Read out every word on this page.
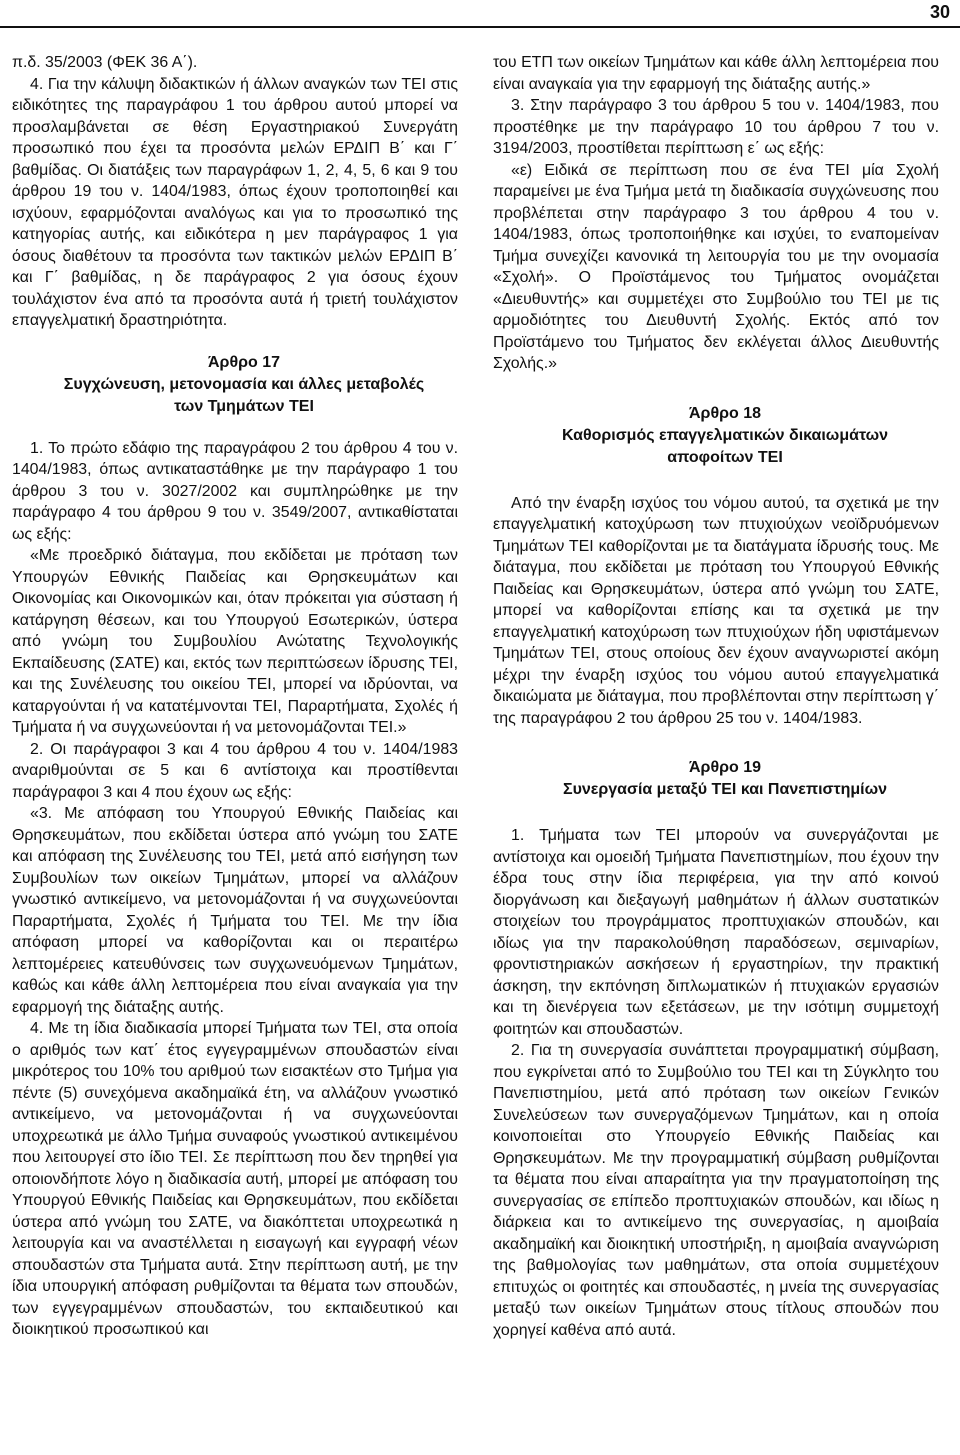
30

π.δ. 35/2003 (ΦΕΚ 36 Α΄).

4. Για την κάλυψη διδακτικών ή άλλων αναγκών των ΤΕΙ στις ειδικότητες της παραγράφου 1 του άρθρου αυτού μπορεί να προσλαμβάνεται σε θέση Εργαστηριακού Συνεργάτη προσωπικό που έχει τα προσόντα μελών ΕΡΔΙΠ Β΄ και Γ΄ βαθμίδας. Οι διατάξεις των παραγράφων 1, 2, 4, 5, 6 και 9 του άρθρου 19 του ν. 1404/1983, όπως έχουν τροποποιηθεί και ισχύουν, εφαρμόζονται αναλόγως και για το προσωπικό της κατηγορίας αυτής, και ειδικότερα η μεν παράγραφος 1 για όσους διαθέτουν τα προσόντα των τακτικών μελών ΕΡΔΙΠ Β΄ και Γ΄ βαθμίδας, η δε παράγραφος 2 για όσους έχουν τουλάχιστον ένα από τα προσόντα αυτά ή τριετή τουλάχιστον επαγγελματική δραστηριότητα.

Άρθρο 17

Συγχώνευση, μετονομασία και άλλες μεταβολές

των Τμημάτων ΤΕΙ

1. Το πρώτο εδάφιο της παραγράφου 2 του άρθρου 4 του ν. 1404/1983, όπως αντικαταστάθηκε με την παράγραφο 1 του άρθρου 3 του ν. 3027/2002 και συμπληρώθηκε με την παράγραφο 4 του άρθρου 9 του ν. 3549/2007, αντικαθίσταται ως εξής:

«Με προεδρικό διάταγμα, που εκδίδεται με πρόταση των Υπουργών Εθνικής Παιδείας και Θρησκευμάτων και Οικονομίας και Οικονομικών και, όταν πρόκειται για σύσταση ή κατάργηση θέσεων, και του Υπουργού Εσωτερικών, ύστερα από γνώμη του Συμβουλίου Ανώτατης Τεχνολογικής Εκπαίδευσης (ΣΑΤΕ) και, εκτός των περιπτώσεων ίδρυσης ΤΕΙ, και της Συνέλευσης του οικείου ΤΕΙ, μπορεί να ιδρύονται, να καταργούνται ή να κατατέμνονται ΤΕΙ, Παραρτήματα, Σχολές ή Τμήματα ή να συγχωνεύονται ή να μετονομάζονται ΤΕΙ.»

2. Οι παράγραφοι 3 και 4 του άρθρου 4 του ν. 1404/1983 αναριθμούνται σε 5 και 6 αντίστοιχα και προστίθενται παράγραφοι 3 και 4 που έχουν ως εξής:

«3. Με απόφαση του Υπουργού Εθνικής Παιδείας και Θρησκευμάτων, που εκδίδεται ύστερα από γνώμη του ΣΑΤΕ και απόφαση της Συνέλευσης του ΤΕΙ, μετά από εισήγηση των Συμβουλίων των οικείων Τμημάτων, μπορεί να αλλάζουν γνωστικό αντικείμενο, να μετονομάζονται ή να συγχωνεύονται Παραρτήματα, Σχολές ή Τμήματα του ΤΕΙ. Με την ίδια απόφαση μπορεί να καθορίζονται και οι περαιτέρω λεπτομέρειες κατευθύνσεις των συγχωνευόμενων Τμημάτων, καθώς και κάθε άλλη λεπτομέρεια που είναι αναγκαία για την εφαρμογή της διάταξης αυτής.

4. Με τη ίδια διαδικασία μπορεί Τμήματα των ΤΕΙ, στα οποία ο αριθμός των κατ΄ έτος εγγεγραμμένων σπουδαστών είναι μικρότερος του 10% του αριθμού των εισακτέων στο Τμήμα για πέντε (5) συνεχόμενα ακαδημαϊκά έτη, να αλλάζουν γνωστικό αντικείμενο, να μετονομάζονται ή να συγχωνεύονται υποχρεωτικά με άλλο Τμήμα συναφούς γνωστικού αντικειμένου που λειτουργεί στο ίδιο ΤΕΙ. Σε περίπτωση που δεν τηρηθεί για οποιονδήποτε λόγο η διαδικασία αυτή, μπορεί με απόφαση του Υπουργού Εθνικής Παιδείας και Θρησκευμάτων, που εκδίδεται ύστερα από γνώμη του ΣΑΤΕ, να διακόπτεται υποχρεωτικά η λειτουργία και να αναστέλλεται η εισαγωγή και εγγραφή νέων σπουδαστών στα Τμήματα αυτά. Στην περίπτωση αυτή, με την ίδια υπουργική απόφαση ρυθμίζονται τα θέματα των σπουδών, των εγγεγραμμένων σπουδαστών, του εκπαιδευτικού και διοικητικού προσωπικού και

του ΕΤΠ των οικείων Τμημάτων και κάθε άλλη λεπτομέρεια που είναι αναγκαία για την εφαρμογή της διάταξης αυτής.»

3. Στην παράγραφο 3 του άρθρου 5 του ν. 1404/1983, που προστέθηκε με την παράγραφο 10 του άρθρου 7 του ν. 3194/2003, προστίθεται περίπτωση ε΄ ως εξής:

«ε) Ειδικά σε περίπτωση που σε ένα ΤΕΙ μία Σχολή παραμείνει με ένα Τμήμα μετά τη διαδικασία συγχώνευσης που προβλέπεται στην παράγραφο 3 του άρθρου 4 του ν. 1404/1983, όπως τροποποιήθηκε και ισχύει, το εναπομείναν Τμήμα συνεχίζει κανονικά τη λειτουργία του με την ονομασία «Σχολή». Ο Προϊστάμενος του Τμήματος ονομάζεται «Διευθυντής» και συμμετέχει στο Συμβούλιο του ΤΕΙ με τις αρμοδιότητες του Διευθυντή Σχολής. Εκτός από τον Προϊστάμενο του Τμήματος δεν εκλέγεται άλλος Διευθυντής Σχολής.»

Άρθρο 18

Καθορισμός επαγγελματικών δικαιωμάτων

αποφοίτων ΤΕΙ

Από την έναρξη ισχύος του νόμου αυτού, τα σχετικά με την επαγγελματική κατοχύρωση των πτυχιούχων νεοϊδρυόμενων Τμημάτων ΤΕΙ καθορίζονται με τα διατάγματα ίδρυσής τους. Με διάταγμα, που εκδίδεται με πρόταση του Υπουργού Εθνικής Παιδείας και Θρησκευμάτων, ύστερα από γνώμη του ΣΑΤΕ, μπορεί να καθορίζονται επίσης και τα σχετικά με την επαγγελματική κατοχύρωση των πτυχιούχων ήδη υφιστάμενων Τμημάτων ΤΕΙ, στους οποίους δεν έχουν αναγνωριστεί ακόμη μέχρι την έναρξη ισχύος του νόμου αυτού επαγγελματικά δικαιώματα με διάταγμα, που προβλέπονται στην περίπτωση γ΄ της παραγράφου 2 του άρθρου 25 του ν. 1404/1983.

Άρθρο 19

Συνεργασία μεταξύ ΤΕΙ και Πανεπιστημίων

1. Τμήματα των ΤΕΙ μπορούν να συνεργάζονται με αντίστοιχα και ομοειδή Τμήματα Πανεπιστημίων, που έχουν την έδρα τους στην ίδια περιφέρεια, για την από κοινού διοργάνωση και διεξαγωγή μαθημάτων ή άλλων συστατικών στοιχείων του προγράμματος προπτυχιακών σπουδών, και ιδίως για την παρακολούθηση παραδόσεων, σεμιναρίων, φροντιστηριακών ασκήσεων ή εργαστηρίων, την πρακτική άσκηση, την εκπόνηση διπλωματικών ή πτυχιακών εργασιών και τη διενέργεια των εξετάσεων, με την ισότιμη συμμετοχή φοιτητών και σπουδαστών.

2. Για τη συνεργασία συνάπτεται προγραμματική σύμβαση, που εγκρίνεται από το Συμβούλιο του ΤΕΙ και τη Σύγκλητο του Πανεπιστημίου, μετά από πρόταση των οικείων Γενικών Συνελεύσεων των συνεργαζόμενων Τμημάτων, και η οποία κοινοποιείται στο Υπουργείο Εθνικής Παιδείας και Θρησκευμάτων. Με την προγραμματική σύμβαση ρυθμίζονται τα θέματα που είναι απαραίτητα για την πραγματοποίηση της συνεργασίας σε επίπεδο προπτυχιακών σπουδών, και ιδίως η διάρκεια και το αντικείμενο της συνεργασίας, η αμοιβαία ακαδημαϊκή και διοικητική υποστήριξη, η αμοιβαία αναγνώριση της βαθμολογίας των μαθημάτων, στα οποία συμμετέχουν επιτυχώς οι φοιτητές και σπουδαστές, η μνεία της συνεργασίας μεταξύ των οικείων Τμημάτων στους τίτλους σπουδών που χορηγεί καθένα από αυτά.
